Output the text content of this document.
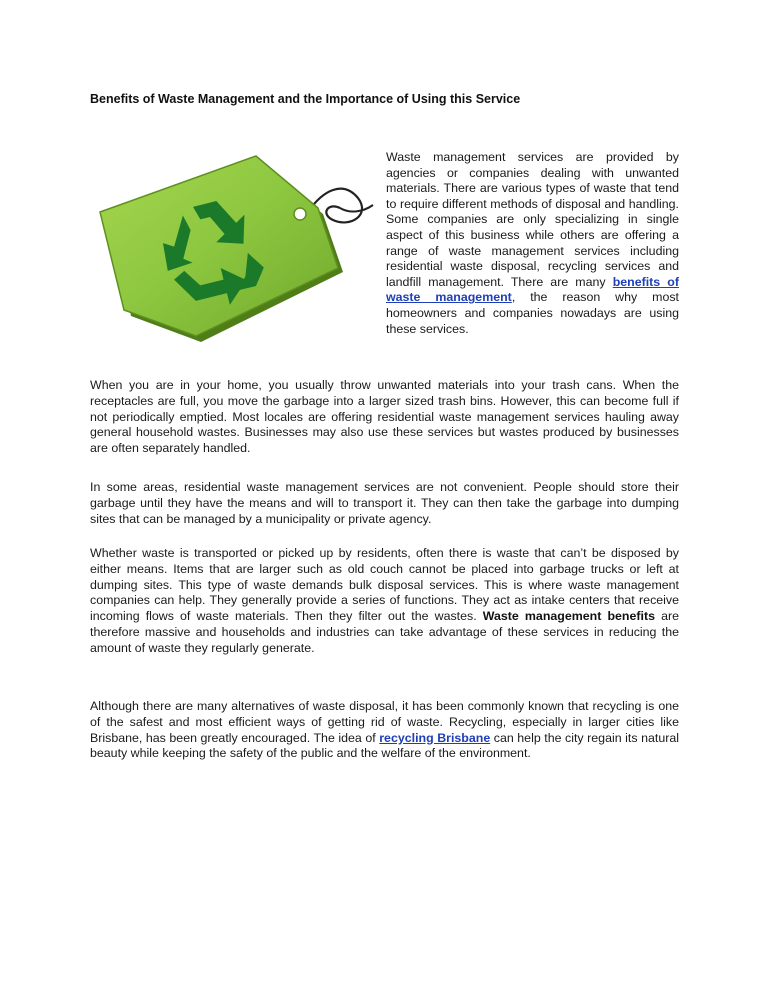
Benefits of Waste Management and the Importance of Using this Service

Waste management services are provided by agencies or companies dealing with unwanted materials. There are various types of waste that tend to require different methods of disposal and handling. Some companies are only specializing in single aspect of this business while others are offering a range of waste management services including residential waste disposal, recycling services and landfill management. There are many benefits of waste management, the reason why most homeowners and companies nowadays are using these services.

When you are in your home, you usually throw unwanted materials into your trash cans. When the receptacles are full, you move the garbage into a larger sized trash bins. However, this can become full if not periodically emptied. Most locales are offering residential waste management services hauling away general household wastes. Businesses may also use these services but wastes produced by businesses are often separately handled.

In some areas, residential waste management services are not convenient. People should store their garbage until they have the means and will to transport it. They can then take the garbage into dumping sites that can be managed by a municipality or private agency.

Whether waste is transported or picked up by residents, often there is waste that can’t be disposed by either means. Items that are larger such as old couch cannot be placed into garbage trucks or left at dumping sites. This type of waste demands bulk disposal services. This is where waste management companies can help. They generally provide a series of functions. They act as intake centers that receive incoming flows of waste materials. Then they filter out the wastes. Waste management benefits are therefore massive and households and industries can take advantage of these services in reducing the amount of waste they regularly generate.

Although there are many alternatives of waste disposal, it has been commonly known that recycling is one of the safest and most efficient ways of getting rid of waste. Recycling, especially in larger cities like Brisbane, has been greatly encouraged. The idea of recycling Brisbane can help the city regain its natural beauty while keeping the safety of the public and the welfare of the environment.
